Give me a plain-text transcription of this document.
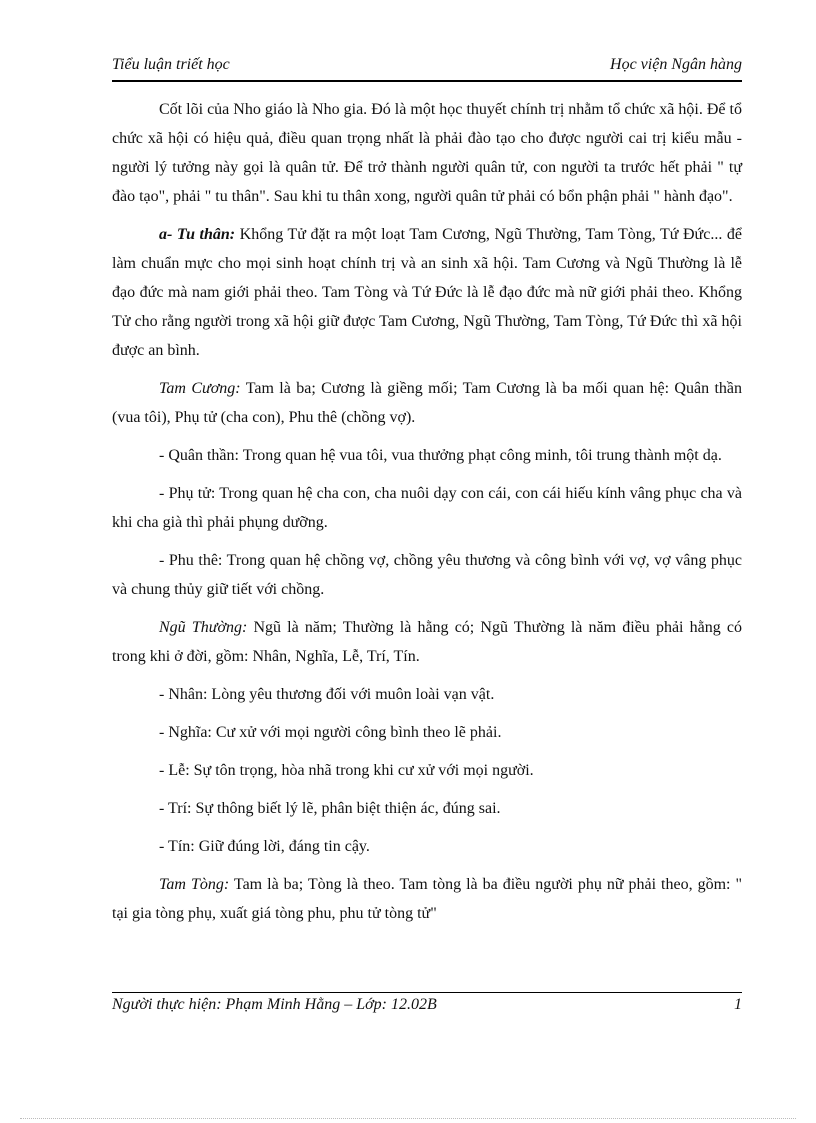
Tiểu luận triết học	Học viện Ngân hàng

Cốt lõi của Nho giáo là Nho gia. Đó là một học thuyết chính trị nhằm tổ chức xã hội. Để tổ chức xã hội có hiệu quả, điều quan trọng nhất là phải đào tạo cho được người cai trị kiểu mẫu - người lý tưởng này gọi là quân tử. Để trở thành người quân tử, con người ta trước hết phải " tự đào tạo", phải " tu thân". Sau khi tu thân xong, người quân tử phải có bổn phận phải " hành đạo".

a- Tu thân: Khổng Tử đặt ra một loạt Tam Cương, Ngũ Thường, Tam Tòng, Tứ Đức... để làm chuẩn mực cho mọi sinh hoạt chính trị và an sinh xã hội. Tam Cương và Ngũ Thường là lễ đạo đức mà nam giới phải theo. Tam Tòng và Tứ Đức là lễ đạo đức mà nữ giới phải theo. Khổng Tử cho rằng người trong xã hội giữ được Tam Cương, Ngũ Thường, Tam Tòng, Tứ Đức thì xã hội được an bình.

Tam Cương: Tam là ba; Cương là giềng mối; Tam Cương là ba mối quan hệ: Quân thần (vua tôi), Phụ tử (cha con), Phu thê (chồng vợ).

- Quân thần: Trong quan hệ vua tôi, vua thưởng phạt công minh, tôi trung thành một dạ.

- Phụ tử: Trong quan hệ cha con, cha nuôi dạy con cái, con cái hiếu kính vâng phục cha và khi cha già thì phải phụng dưỡng.

- Phu thê: Trong quan hệ chồng vợ, chồng yêu thương và công bình với vợ, vợ vâng phục và chung thủy giữ tiết với chồng.

Ngũ Thường: Ngũ là năm; Thường là hằng có; Ngũ Thường là năm điều phải hằng có trong khi ở đời, gồm: Nhân, Nghĩa, Lễ, Trí, Tín.

- Nhân: Lòng yêu thương đối với muôn loài vạn vật.

- Nghĩa: Cư xử với mọi người công bình theo lẽ phải.

- Lễ: Sự tôn trọng, hòa nhã trong khi cư xử với mọi người.

- Trí: Sự thông biết lý lẽ, phân biệt thiện ác, đúng sai.

- Tín: Giữ đúng lời, đáng tin cậy.

Tam Tòng: Tam là ba; Tòng là theo. Tam tòng là ba điều người phụ nữ phải theo, gồm: " tại gia tòng phụ, xuất giá tòng phu, phu tử tòng tử"

Người thực hiện: Phạm Minh Hằng – Lớp: 12.02B	1
